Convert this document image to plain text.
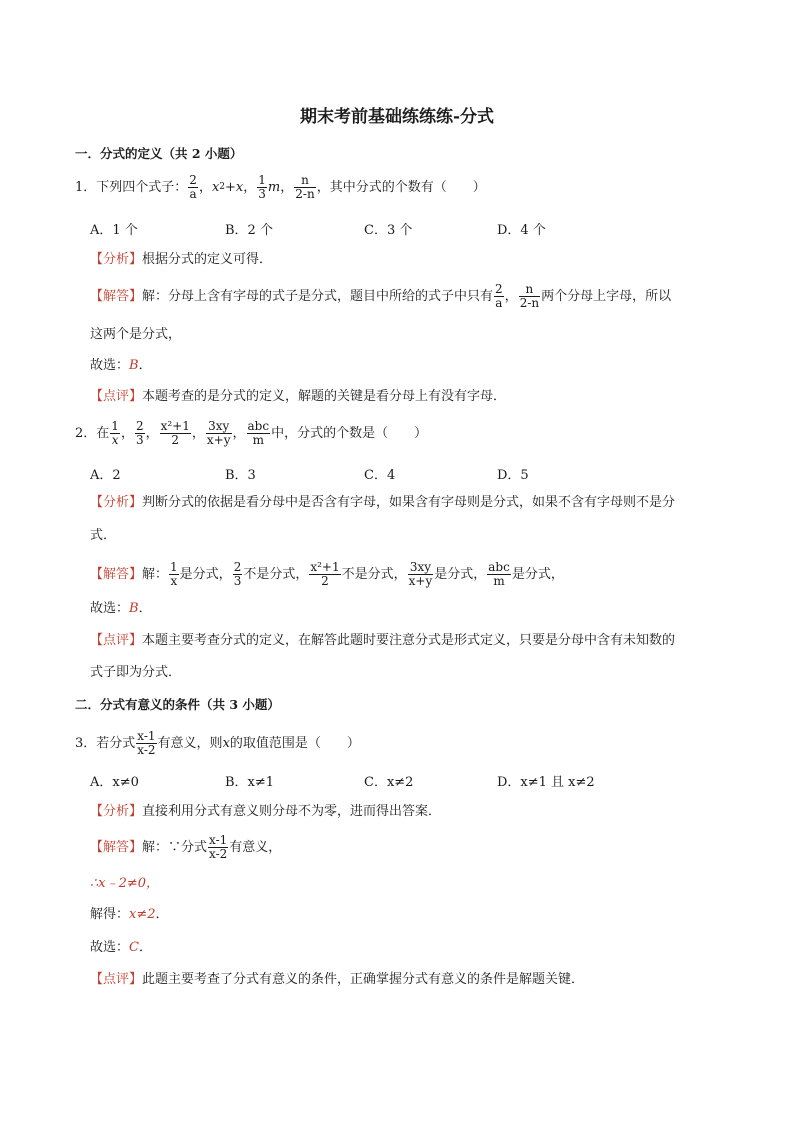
期末考前基础练练练-分式
一．分式的定义（共 2 小题）
1． 下列四个式子： $\frac{2}{a}$ ， x 2 +x ， $\frac{1}{3}$ m ， $\frac{n}{2-n}$ ，其中分式的个数有（　　）
A．1 个	B．2 个	C．3 个	D．4 个
【分析】根据分式的定义可得．
【解答】 解：分母上含有字母的式子是分式，题目中所给的式子中只有 $\frac{2}{a}$ ， $\frac{n}{2-n}$ 两个分母上字母，所以
这两个是分式，
故选：B．
【点评】本题考查的是分式的定义，解题的关键是看分母上有没有字母．
2． 在 $\frac{1}{x}$ ， $\frac{2}{3}$ ， $\frac{\text{x²+1}}{2}$ ， $\frac{3xy}{x+y}$ ， $\frac{\text{abc}}{m}$ 中，分式的个数是（　　）
A．2	B．3	C．4	D．5
【分析】判断分式的依据是看分母中是否含有字母，如果含有字母则是分式，如果不含有字母则不是分
式．
【解答】 解： $\frac{1}{x}$ 是分式， $\frac{2}{3}$ 不是分式， $\frac{\text{x²+1}}{2}$ 不是分式， $\frac{3xy}{x+y}$ 是分式， $\frac{\text{abc}}{m}$ 是分式，
故选：B．
【点评】本题主要考查分式的定义，在解答此题时要注意分式是形式定义，只要是分母中含有未知数的
式子即为分式．
二．分式有意义的条件（共 3 小题）
3． 若分式 $\frac{x-1}{x-2}$ 有意义，则 x 的取值范围是（　　）
A．x≠0	B．x≠1	C．x≠2	D．x≠1 且 x≠2
【分析】直接利用分式有意义则分母不为零，进而得出答案．
【解答】 解：∵分式 $\frac{x-1}{x-2}$ 有意义，
∴x﹣2≠0，
解得：x≠2．
故选：C．
【点评】此题主要考查了分式有意义的条件，正确掌握分式有意义的条件是解题关键．
